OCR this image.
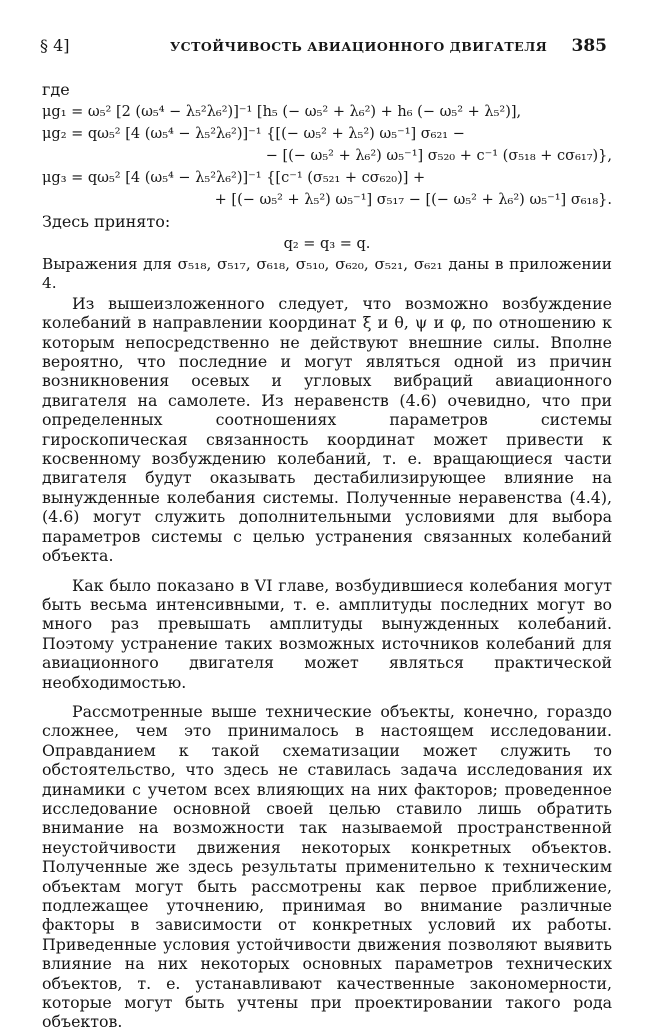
§ 4]	УСТОЙЧИВОСТЬ АВИАЦИОННОГО ДВИГАТЕЛЯ 385
где
μg₁ = ω₅² [2 (ω₅⁴ − λ₅²λ₆²)]⁻¹ [h₅ (− ω₅² + λ₆²) + h₆ (− ω₅² + λ₅²)],
μg₂ = qω₅² [4 (ω₅⁴ − λ₅²λ₆²)]⁻¹ {[(− ω₅² + λ₅²) ω₅⁻¹] σ₆₂₁ −
− [(− ω₅² + λ₆²) ω₅⁻¹] σ₅₂₀ + c⁻¹ (σ₅₁₈ + cσ₆₁₇)},
μg₃ = qω₅² [4 (ω₅⁴ − λ₅²λ₆²)]⁻¹ {[c⁻¹ (σ₅₂₁ + cσ₆₂₀)] +
+ [(− ω₅² + λ₅²) ω₅⁻¹] σ₅₁₇ − [(− ω₅² + λ₆²) ω₅⁻¹] σ₆₁₈}.
Здесь принято:
q₂ = q₃ = q.

Выражения для σ₅₁₈, σ₅₁₇, σ₆₁₈, σ₅₁₀, σ₆₂₀, σ₅₂₁, σ₆₂₁ даны в приложении 4.

Из вышеизложенного следует, что возможно возбуждение колебаний в направлении координат ξ и θ, ψ и φ, по отношению к которым непосредственно не действуют внешние силы. Вполне вероятно, что последние и могут являться одной из причин возникновения осевых и угловых вибраций авиационного двигателя на самолете. Из неравенств (4.6) очевидно, что при определенных соотношениях параметров системы гироскопическая связанность координат может привести к косвенному возбуждению колебаний, т. е. вращающиеся части двигателя будут оказывать дестабилизирующее влияние на вынужденные колебания системы. Полученные неравенства (4.4), (4.6) могут служить дополнительными условиями для выбора параметров системы с целью устранения связанных колебаний объекта.

Как было показано в VI главе, возбудившиеся колебания могут быть весьма интенсивными, т. е. амплитуды последних могут во много раз превышать амплитуды вынужденных колебаний. Поэтому устранение таких возможных источников колебаний для авиационного двигателя может являться практической необходимостью.

Рассмотренные выше технические объекты, конечно, гораздо сложнее, чем это принималось в настоящем исследовании. Оправданием к такой схематизации может служить то обстоятельство, что здесь не ставилась задача исследования их динамики с учетом всех влияющих на них факторов; проведенное исследование основной своей целью ставило лишь обратить внимание на возможности так называемой пространственной неустойчивости движения некоторых конкретных объектов. Полученные же здесь результаты применительно к техническим объектам могут быть рассмотрены как первое приближение, подлежащее уточнению, принимая во внимание различные факторы в зависимости от конкретных условий их работы. Приведенные условия устойчивости движения позволяют выявить влияние на них некоторых основных параметров технических объектов, т. е. устанавливают качественные закономерности, которые могут быть учтены при проектировании такого рода объектов.
